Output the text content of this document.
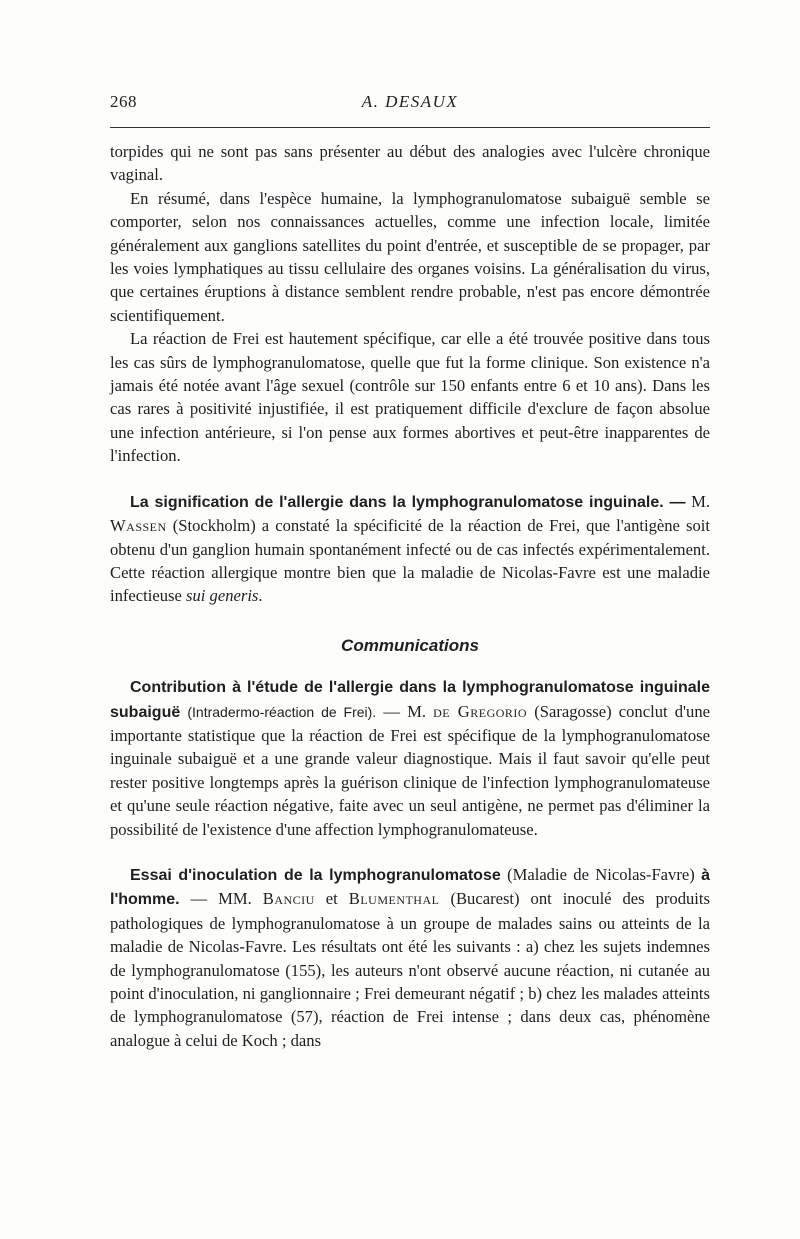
268	A. DESAUX

torpides qui ne sont pas sans présenter au début des analogies avec l'ulcère chronique vaginal.

En résumé, dans l'espèce humaine, la lymphogranulomatose subaiguë semble se comporter, selon nos connaissances actuelles, comme une infection locale, limitée généralement aux ganglions satellites du point d'entrée, et susceptible de se propager, par les voies lymphatiques au tissu cellulaire des organes voisins. La généralisation du virus, que certaines éruptions à distance semblent rendre probable, n'est pas encore démontrée scientifiquement.

La réaction de Frei est hautement spécifique, car elle a été trouvée positive dans tous les cas sûrs de lymphogranulomatose, quelle que fut la forme clinique. Son existence n'a jamais été notée avant l'âge sexuel (contrôle sur 150 enfants entre 6 et 10 ans). Dans les cas rares à positivité injustifiée, il est pratiquement difficile d'exclure de façon absolue une infection antérieure, si l'on pense aux formes abortives et peut-être inapparentes de l'infection.

La signification de l'allergie dans la lymphogranulomatose inguinale. — M. Wassen (Stockholm) a constaté la spécificité de la réaction de Frei, que l'antigène soit obtenu d'un ganglion humain spontanément infecté ou de cas infectés expérimentalement. Cette réaction allergique montre bien que la maladie de Nicolas-Favre est une maladie infectieuse sui generis.

Communications

Contribution à l'étude de l'allergie dans la lymphogranulomatose inguinale subaiguë (Intradermo-réaction de Frei). — M. de Gregorio (Saragosse) conclut d'une importante statistique que la réaction de Frei est spécifique de la lymphogranulomatose inguinale subaiguë et a une grande valeur diagnostique. Mais il faut savoir qu'elle peut rester positive longtemps après la guérison clinique de l'infection lymphogranulomateuse et qu'une seule réaction négative, faite avec un seul antigène, ne permet pas d'éliminer la possibilité de l'existence d'une affection lymphogranulomateuse.

Essai d'inoculation de la lymphogranulomatose (Maladie de Nicolas-Favre) à l'homme. — MM. Banciu et Blumenthal (Bucarest) ont inoculé des produits pathologiques de lymphogranulomatose à un groupe de malades sains ou atteints de la maladie de Nicolas-Favre. Les résultats ont été les suivants : a) chez les sujets indemnes de lymphogranulomatose (155), les auteurs n'ont observé aucune réaction, ni cutanée au point d'inoculation, ni ganglionnaire ; Frei demeurant négatif ; b) chez les malades atteints de lymphogranulomatose (57), réaction de Frei intense ; dans deux cas, phénomène analogue à celui de Koch ; dans
